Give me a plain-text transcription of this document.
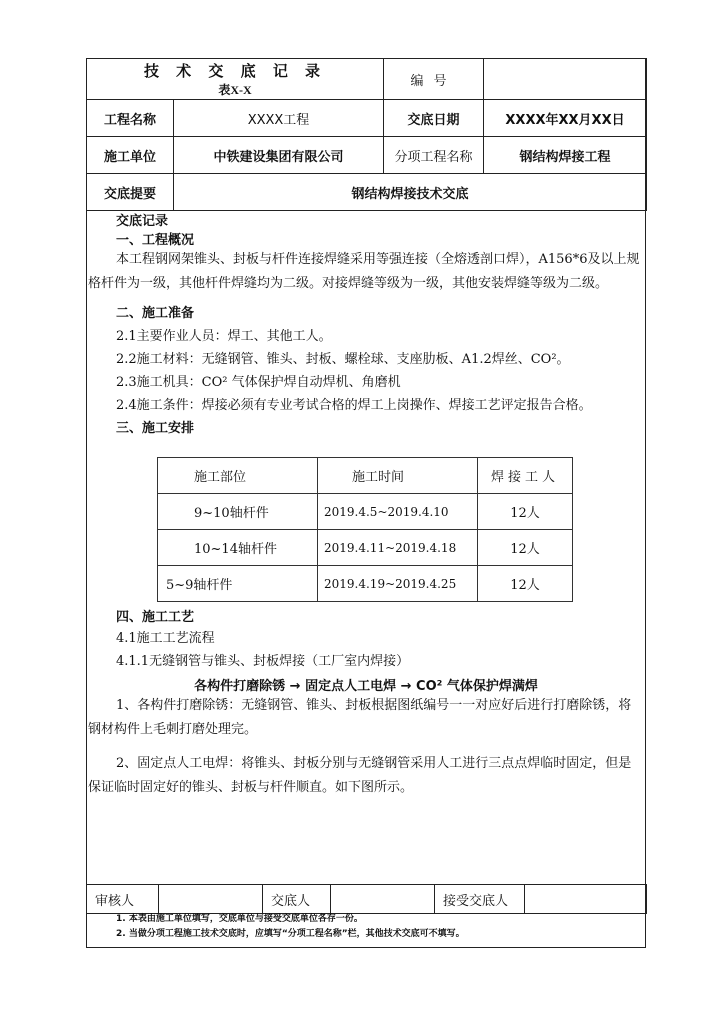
技 术 交 底 记 录
表X-X		编号	
工程名称	XXXX工程	交底日期	XXXX年XX月XX日
施工单位	中铁建设集团有限公司	分项工程名称	钢结构焊接工程
交底提要	钢结构焊接技术交底		

交底记录

一、工程概况

本工程钢网架锥头、封板与杆件连接焊缝采用等强连接（全熔透剖口焊），A156*6及以上规格杆件为一级，其他杆件焊缝均为二级。对接焊缝等级为一级，其他安装焊缝等级为二级。

二、施工准备

2.1主要作业人员：焊工、其他工人。

2.2施工材料：无缝钢管、锥头、封板、螺栓球、支座肋板、A1.2焊丝、CO²。

2.3施工机具：CO² 气体保护焊自动焊机、角磨机

2.4施工条件：焊接必须有专业考试合格的焊工上岗操作、焊接工艺评定报告合格。

三、施工安排

施工部位	施工时间	焊接工人
9~10轴杆件	2019.4.5~2019.4.10	12人
10~14轴杆件	2019.4.11~2019.4.18	12人
5~9轴杆件	2019.4.19~2019.4.25	12人

四、施工工艺

4.1施工工艺流程

4.1.1无缝钢管与锥头、封板焊接（工厂室内焊接）

各构件打磨除锈 → 固定点人工电焊 → CO² 气体保护焊满焊

1、各构件打磨除锈：无缝钢管、锥头、封板根据图纸编号一一对应好后进行打磨除锈，将钢材构件上毛刺打磨处理完。

2、固定点人工电焊：将锥头、封板分别与无缝钢管采用人工进行三点点焊临时固定，但是保证临时固定好的锥头、封板与杆件顺直。如下图所示。

审核人		交底人		接受交底人	
1. 本表由施工单位填写，交底单位与接受交底单位各存一份。
2. 当做分项工程施工技术交底时，应填写“分项工程名称”栏，其他技术交底可不填写。
